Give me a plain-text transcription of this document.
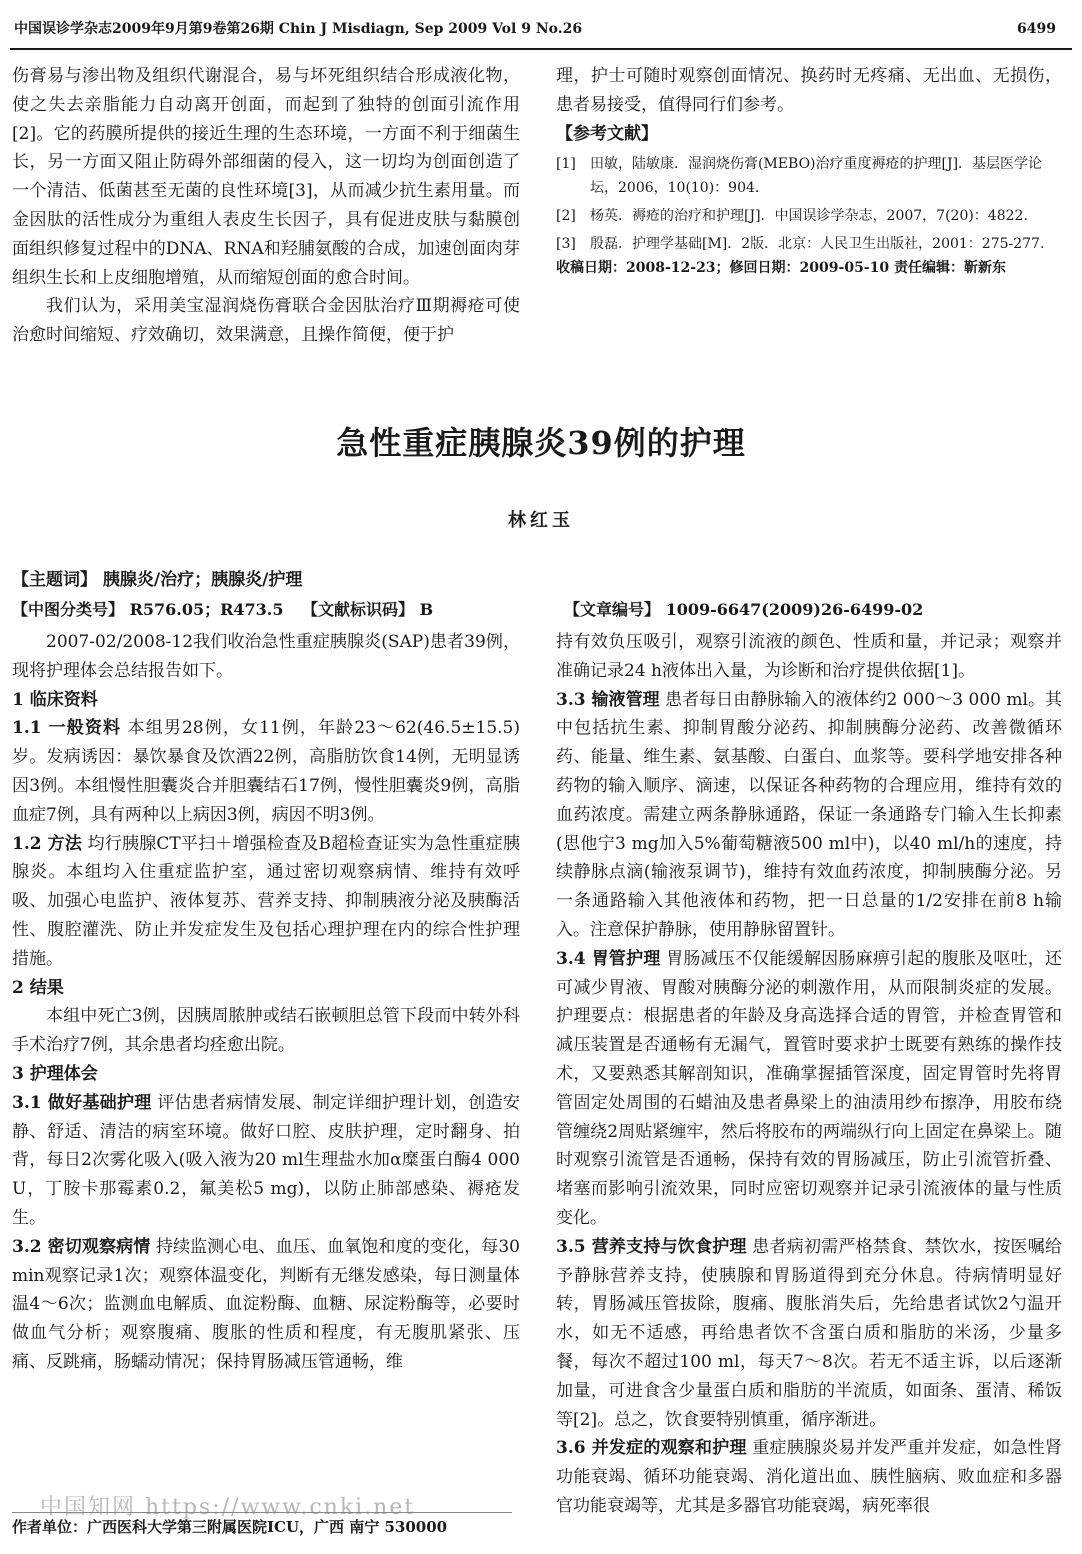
中国误诊学杂志2009年9月第9卷第26期 Chin J Misdiagn, Sep 2009 Vol 9 No.26	6499

伤膏易与渗出物及组织代谢混合，易与坏死组织结合形成液化物，使之失去亲脂能力自动离开创面，而起到了独特的创面引流作用[2]。它的药膜所提供的接近生理的生态环境，一方面不利于细菌生长，另一方面又阻止防碍外部细菌的侵入，这一切均为创面创造了一个清洁、低菌甚至无菌的良性环境[3]，从而减少抗生素用量。而金因肽的活性成分为重组人表皮生长因子，具有促进皮肤与黏膜创面组织修复过程中的DNA、RNA和羟脯氨酸的合成，加速创面肉芽组织生长和上皮细胞增殖，从而缩短创面的愈合时间。

我们认为，采用美宝湿润烧伤膏联合金因肽治疗Ⅲ期褥疮可使治愈时间缩短、疗效确切，效果满意，且操作简便，便于护

理，护士可随时观察创面情况、换药时无疼痛、无出血、无损伤，患者易接受，值得同行们参考。

【参考文献】

[1]	田敏，陆敏康．湿润烧伤膏(MEBO)治疗重度褥疮的护理[J]．基层医学论坛，2006，10(10)：904.
[2]	杨英．褥疮的治疗和护理[J]．中国误诊学杂志，2007，7(20)：4822.
[3]	殷磊．护理学基础[M]．2版．北京：人民卫生出版社，2001：275-277.

收稿日期：2008-12-23；修回日期：2009-05-10 责任编辑：靳新东

急性重症胰腺炎39例的护理
林红玉
【主题词】 胰腺炎/治疗；胰腺炎/护理
【中图分类号】 R576.05；R473.5 【文献标识码】 B	【文章编号】 1009-6647(2009)26-6499-02

2007-02/2008-12我们收治急性重症胰腺炎(SAP)患者39例，现将护理体会总结报告如下。

1 临床资料

1.1 一般资料 本组男28例，女11例，年龄23～62(46.5±15.5)岁。发病诱因：暴饮暴食及饮酒22例，高脂肪饮食14例，无明显诱因3例。本组慢性胆囊炎合并胆囊结石17例，慢性胆囊炎9例，高脂血症7例，具有两种以上病因3例，病因不明3例。

1.2 方法 均行胰腺CT平扫＋增强检查及B超检查证实为急性重症胰腺炎。本组均入住重症监护室，通过密切观察病情、维持有效呼吸、加强心电监护、液体复苏、营养支持、抑制胰液分泌及胰酶活性、腹腔灌洗、防止并发症发生及包括心理护理在内的综合性护理措施。

2 结果

本组中死亡3例，因胰周脓肿或结石嵌顿胆总管下段而中转外科手术治疗7例，其余患者均痊愈出院。

3 护理体会

3.1 做好基础护理 评估患者病情发展、制定详细护理计划，创造安静、舒适、清洁的病室环境。做好口腔、皮肤护理，定时翻身、拍背，每日2次雾化吸入(吸入液为20 ml生理盐水加α糜蛋白酶4 000 U，丁胺卡那霉素0.2，氟美松5 mg)，以防止肺部感染、褥疮发生。

3.2 密切观察病情 持续监测心电、血压、血氧饱和度的变化，每30 min观察记录1次；观察体温变化，判断有无继发感染，每日测量体温4～6次；监测血电解质、血淀粉酶、血糖、尿淀粉酶等，必要时做血气分析；观察腹痛、腹胀的性质和程度，有无腹肌紧张、压痛、反跳痛，肠蠕动情况；保持胃肠减压管通畅，维

持有效负压吸引，观察引流液的颜色、性质和量，并记录；观察并准确记录24 h液体出入量，为诊断和治疗提供依据[1]。

3.3 输液管理 患者每日由静脉输入的液体约2 000～3 000 ml。其中包括抗生素、抑制胃酸分泌药、抑制胰酶分泌药、改善微循环药、能量、维生素、氨基酸、白蛋白、血浆等。要科学地安排各种药物的输入顺序、滴速，以保证各种药物的合理应用，维持有效的血药浓度。需建立两条静脉通路，保证一条通路专门输入生长抑素(思他宁3 mg加入5%葡萄糖液500 ml中)，以40 ml/h的速度，持续静脉点滴(输液泵调节)，维持有效血药浓度，抑制胰酶分泌。另一条通路输入其他液体和药物，把一日总量的1/2安排在前8 h输入。注意保护静脉，使用静脉留置针。

3.4 胃管护理 胃肠减压不仅能缓解因肠麻痹引起的腹胀及呕吐，还可减少胃液、胃酸对胰酶分泌的刺激作用，从而限制炎症的发展。护理要点：根据患者的年龄及身高选择合适的胃管，并检查胃管和减压装置是否通畅有无漏气，置管时要求护士既要有熟练的操作技术，又要熟悉其解剖知识，准确掌握插管深度，固定胃管时先将胃管固定处周围的石蜡油及患者鼻梁上的油渍用纱布擦净，用胶布绕管缠绕2周贴紧缠牢，然后将胶布的两端纵行向上固定在鼻梁上。随时观察引流管是否通畅，保持有效的胃肠减压，防止引流管折叠、堵塞而影响引流效果，同时应密切观察并记录引流液体的量与性质变化。

3.5 营养支持与饮食护理 患者病初需严格禁食、禁饮水，按医嘱给予静脉营养支持，使胰腺和胃肠道得到充分休息。待病情明显好转，胃肠减压管拔除，腹痛、腹胀消失后，先给患者试饮2勺温开水，如无不适感，再给患者饮不含蛋白质和脂肪的米汤，少量多餐，每次不超过100 ml，每天7～8次。若无不适主诉，以后逐渐加量，可进食含少量蛋白质和脂肪的半流质，如面条、蛋清、稀饭等[2]。总之，饮食要特别慎重，循序渐进。

3.6 并发症的观察和护理 重症胰腺炎易并发严重并发症，如急性肾功能衰竭、循环功能衰竭、消化道出血、胰性脑病、败血症和多器官功能衰竭等，尤其是多器官功能衰竭，病死率很

中国知网 https://www.cnki.net
作者单位：广西医科大学第三附属医院ICU，广西 南宁 530000
